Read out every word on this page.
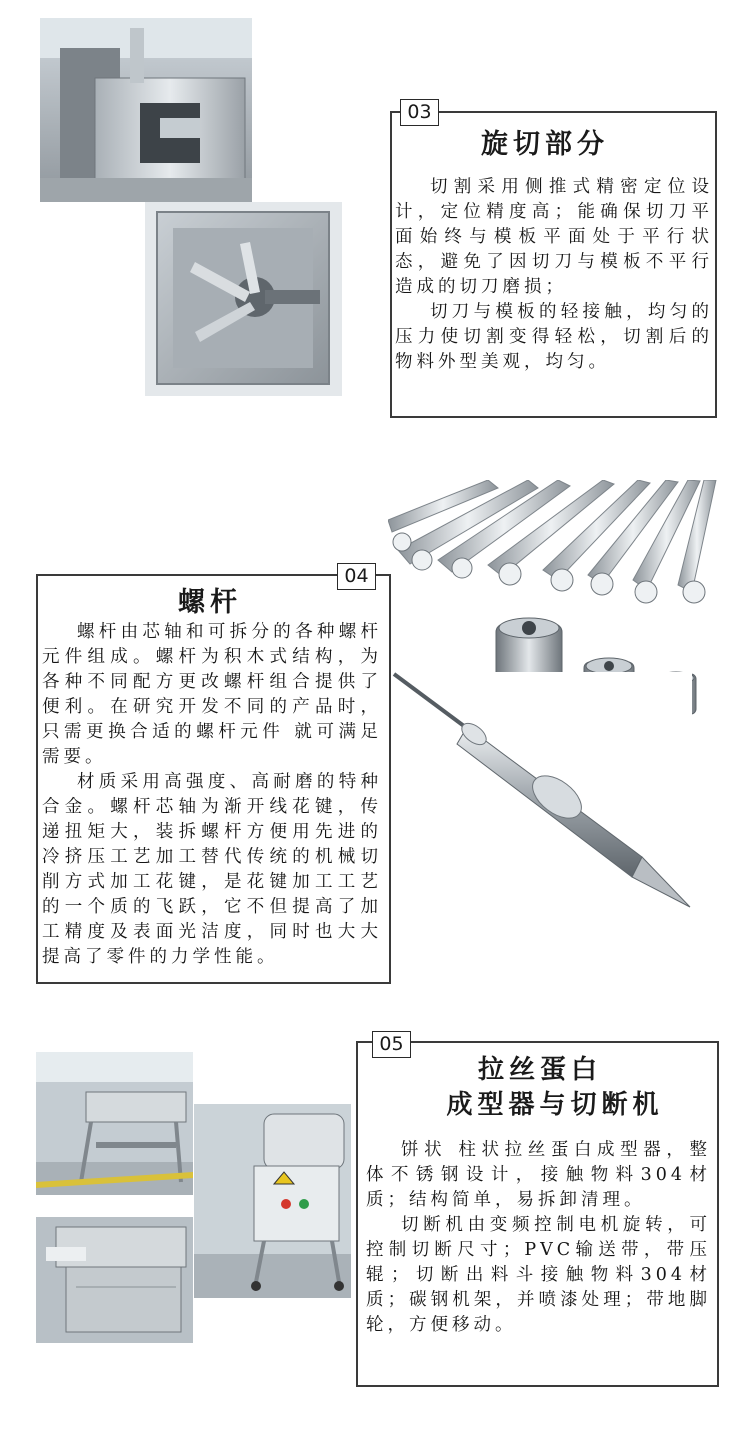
03
旋切部分

切割采用侧推式精密定位设计，定位精度高；能确保切刀平面始终与模板平面处于平行状态，避免了因切刀与模板不平行造成的切刀磨损；

切刀与模板的轻接触，均匀的压力使切割变得轻松，切割后的物料外型美观，均匀。

04
螺杆

螺杆由芯轴和可拆分的各种螺杆元件组成。螺杆为积木式结构，为各种不同配方更改螺杆组合提供了便利。在研究开发不同的产品时，只需更换合适的螺杆元件 就可满足需要。

材质采用高强度、高耐磨的特种合金。螺杆芯轴为渐开线花键，传递扭矩大，装拆螺杆方便用先进的冷挤压工艺加工替代传统的机械切削方式加工花键，是花键加工工艺的一个质的飞跃，它不但提高了加工精度及表面光洁度，同时也大大提高了零件的力学性能。

05
拉丝蛋白
成型器与切断机

饼状 柱状拉丝蛋白成型器，整体不锈钢设计，接触物料304材质；结构简单，易拆卸清理。

切断机由变频控制电机旋转，可控制切断尺寸；PVC输送带，带压辊；切断出料斗接触物料304材质；碳钢机架，并喷漆处理；带地脚轮，方便移动。
